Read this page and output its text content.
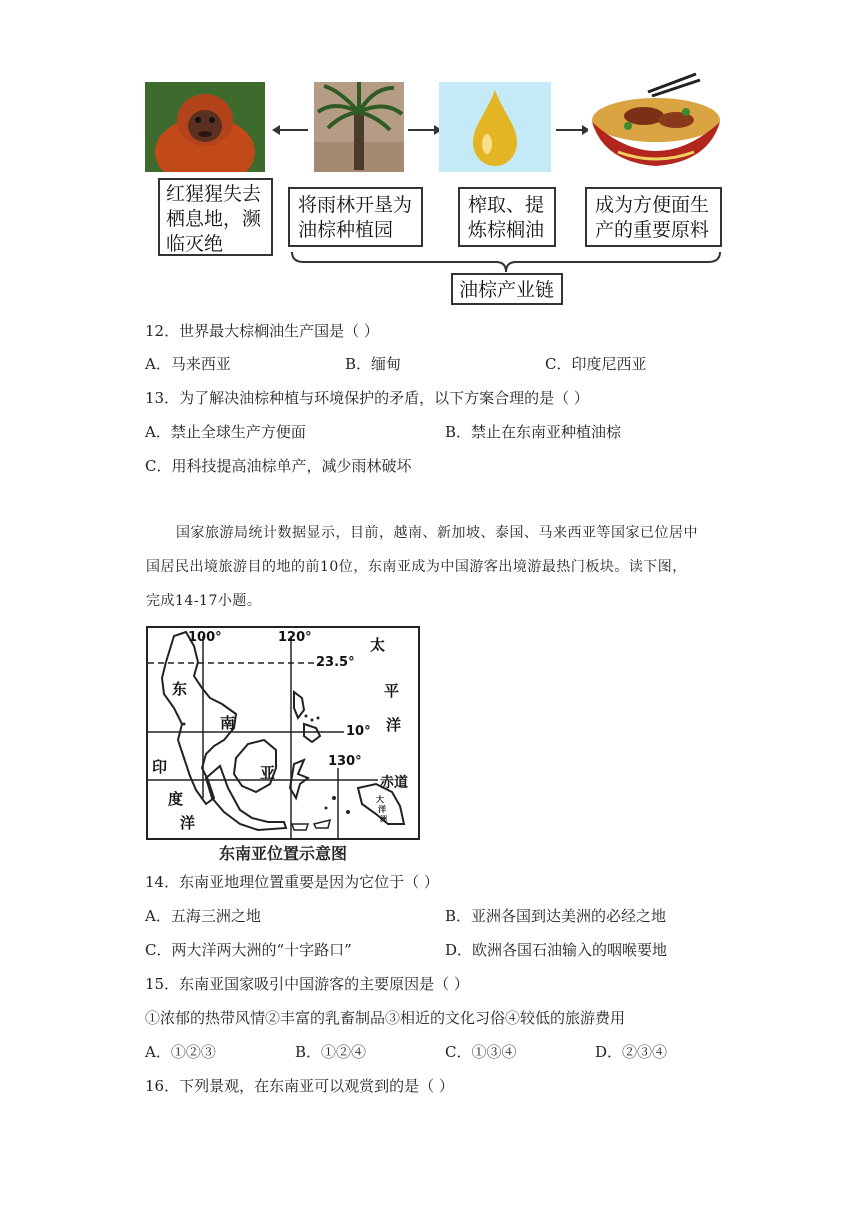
红猩猩失去
栖息地，濒
临灭绝
将雨林开垦为
油棕种植园
榨取、提
炼棕榈油
成为方便面生
产的重要原料
油棕产业链
12．世界最大棕榈油生产国是（ ）
A．马来西亚	B．缅甸	C．印度尼西亚
13．为了解决油棕种植与环境保护的矛盾，以下方案合理的是（ ）
A．禁止全球生产方便面	B．禁止在东南亚种植油棕
C．用科技提高油棕单产，减少雨林破坏
国家旅游局统计数据显示，目前，越南、新加坡、泰国、马来西亚等国家已位居中
国居民出境旅游目的地的前10位，东南亚成为中国游客出境游最热门板块。读下图，
完成14-17小题。
100°	120°
23.5°
10°
130°
赤道
太
平
洋
印
度
洋
东
南
亚
大
洋
洲
东南亚位置示意图
14．东南亚地理位置重要是因为它位于（ ）
A．五海三洲之地	B．亚洲各国到达美洲的必经之地
C．两大洋两大洲的“十字路口”	D．欧洲各国石油输入的咽喉要地
15．东南亚国家吸引中国游客的主要原因是（ ）
①浓郁的热带风情②丰富的乳畜制品③相近的文化习俗④较低的旅游费用
A．①②③	B．①②④	C．①③④	D．②③④
16．下列景观，在东南亚可以观赏到的是（ ）
